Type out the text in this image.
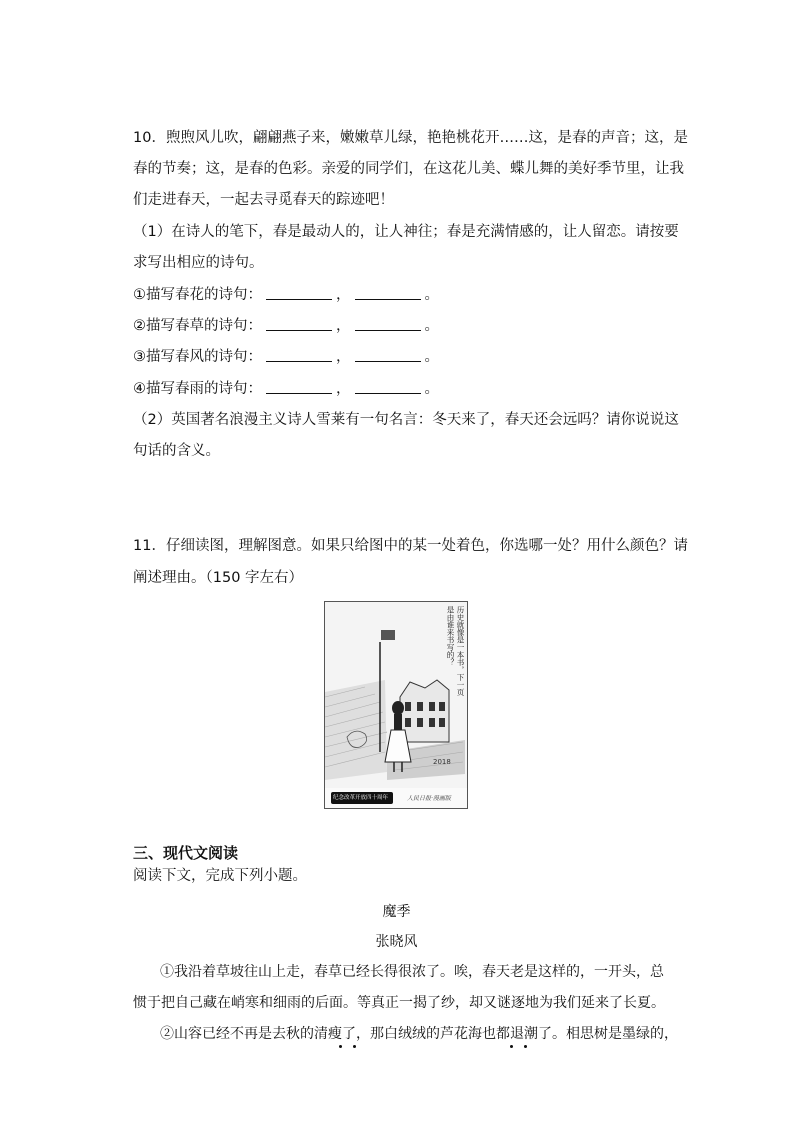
10．煦煦风儿吹，翩翩燕子来，嫩嫩草儿绿，艳艳桃花开……这，是春的声音；这，是
春的节奏；这，是春的色彩。亲爱的同学们，在这花儿美、蝶儿舞的美好季节里，让我
们走进春天，一起去寻觅春天的踪迹吧！
（1）在诗人的笔下，春是最动人的，让人神往；春是充满情感的，让人留恋。请按要
求写出相应的诗句。
①描写春花的诗句：	，	。
②描写春草的诗句：	，	。
③描写春风的诗句：	，	。
④描写春雨的诗句：	，	。
（2）英国著名浪漫主义诗人雪莱有一句名言：冬天来了，春天还会远吗？请你说说这
句话的含义。
11．仔细读图，理解图意。如果只给图中的某一处着色，你选哪一处？用什么颜色？请
阐述理由。（150 字左右）
历史就像是一本书，下一页是由谁来书写的？
2018
纪念改革开放四十周年	人民日报·漫画版
三、现代文阅读
阅读下文，完成下列小题。
魔季
张晓风
①我沿着草坡往山上走，春草已经长得很浓了。唉，春天老是这样的，一开头，总
惯于把自己藏在峭寒和细雨的后面。等真正一揭了纱，却又谜逐地为我们延来了长夏。
②山容已经不再是去秋的清瘦了，那白绒绒的芦花海也都退潮了。相思树是墨绿的，
